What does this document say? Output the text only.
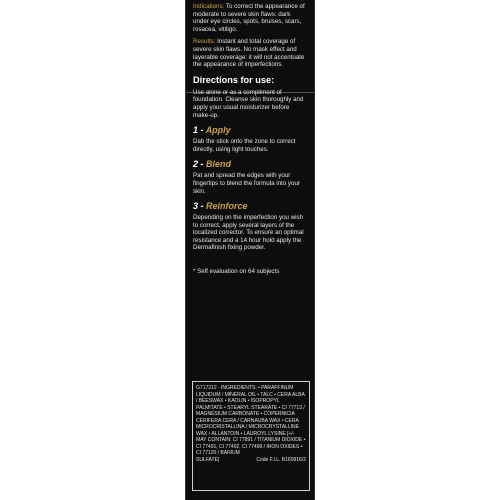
Indications: To correct the appearance of moderate to severe skin flaws: dark under eye circles, spots, bruises, scars, rosacea, vitiligo.
Results: Instant and total coverage of severe skin flaws. No mask effect and layerable coverage: it will not accentuate the appearance of imperfections.
Directions for use:
Use alone or as a compliment of foundation. Cleanse skin thoroughly and apply your usual moisturizer before make-up.
1 - Apply
Dab the stick onto the zone to correct directly, using light touches.
2 - Blend
Pat and spread the edges with your fingertips to blend the formula into your skin.
3 - Reinforce
Depending on the imperfection you wish to correct, apply several layers of the localized corrector. To ensure an optimal resistance and a 14 hour hold apply the Dermafinish fixing powder.
* Self evaluation on 64 subjects
G717212 - INGREDIENTS: • PARAFFINUM LIQUIDUM / MINERAL OIL • TALC • CERA ALBA / BEESWAX • KAOLIN • ISOPROPYL PALMITATE • STEARYL STEARATE • CI 77713 / MAGNESIUM CARBONATE • COPERNICIA CERIFERA CERA / CARNAUBA WAX • CERA MICROCRISTALLINA / MICROCRYSTALLINE WAX • ALLANTOIN • LAUROYL LYSINE [+/- MAY CONTAIN: CI 77891 / TITANIUM DIOXIDE • CI 77491, CI 77492, CI 77499 / IRON OXIDES • CI 77120 / BARIUM
SULFATE]	Code F.I.L. B160916/2
